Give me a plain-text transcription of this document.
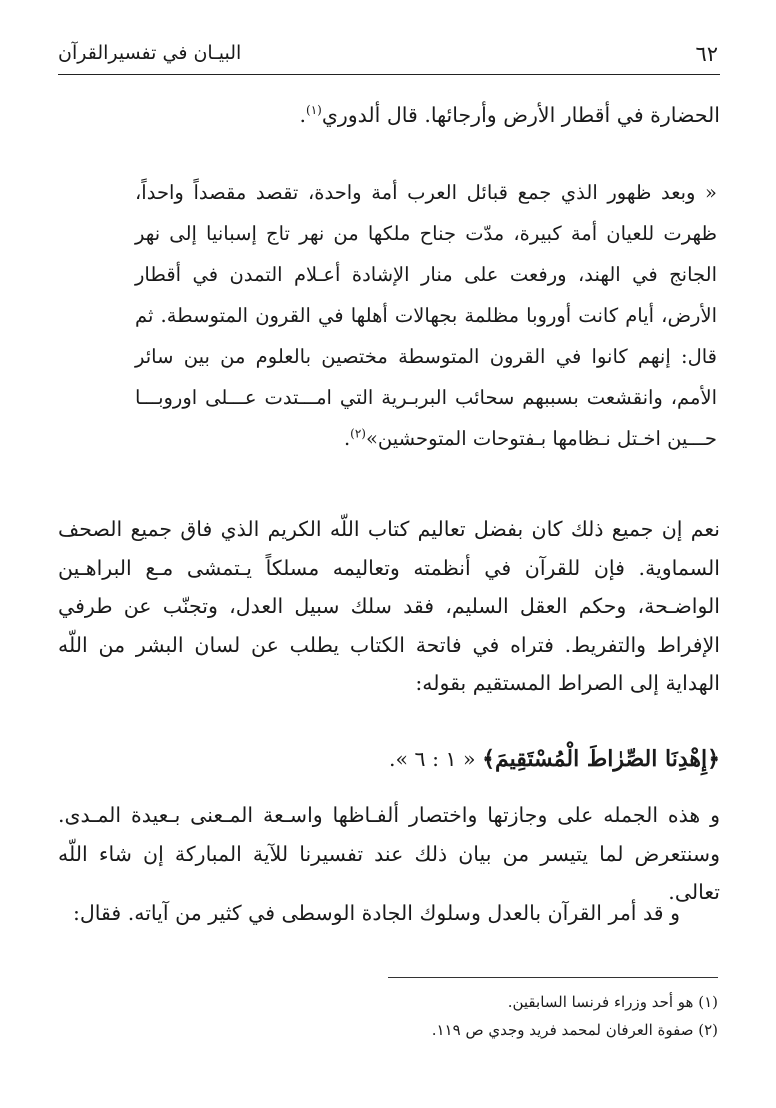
٦٢
البيـان في تفسيرالقرآن

الحضارة في أقطار الأرض وأرجائها. قال ألدوري$^{(١)}$.

« وبعد ظهور الذي جمع قبائل العرب أمة واحدة، تقصد مقصداً واحداً، ظهرت للعيان أمة كبيرة، مدّت جناح ملكها من نهر تاج إسبانيا إلى نهر الجانج في الهند، ورفعت على منار الإشادة أعـلام التمدن في أقطار الأرض، أيام كانت أوروبا مظلمة بجهالات أهلها في القرون المتوسطة. ثم قال: إنهم كانوا في القرون المتوسطة مختصين بالعلوم من بين سائر الأمم، وانقشعت بسببهم سحائب البربـرية التي امـــتدت عـــلى اوروبـــا حـــين اخـتل نـظامها بـفتوحات المتوحشين»$^{(٢)}$.

نعم إن جميع ذلك كان بفضل تعاليم كتاب اللّه الكريم الذي فاق جميع الصحف السماوية. فإن للقرآن في أنظمته وتعاليمه مسلكاً يـتمشى مـع البراهـين الواضـحة، وحكم العقل السليم، فقد سلك سبيل العدل، وتجنّب عن طرفي الإفراط والتفريط. فتراه في فاتحة الكتاب يطلب عن لسان البشر من اللّه الهداية إلى الصراط المستقيم بقوله:

﴿إِهْدِنَا الصِّرٰاطَ الْمُسْتَقِيمَ﴾ « ١ : ٦ ».

و هذه الجمله على وجازتها واختصار ألفـاظها واسـعة المـعنى بـعيدة المـدى. وسنتعرض لما يتيسر من بيان ذلك عند تفسيرنا للآية المباركة إن شاء اللّه تعالى.

و قد أمر القرآن بالعدل وسلوك الجادة الوسطى في كثير من آياته. فقال:

(١) هو أحد وزراء فرنسا السابقين.

(٢) صفوة العرفان لمحمد فريد وجدي ص ١١٩.
